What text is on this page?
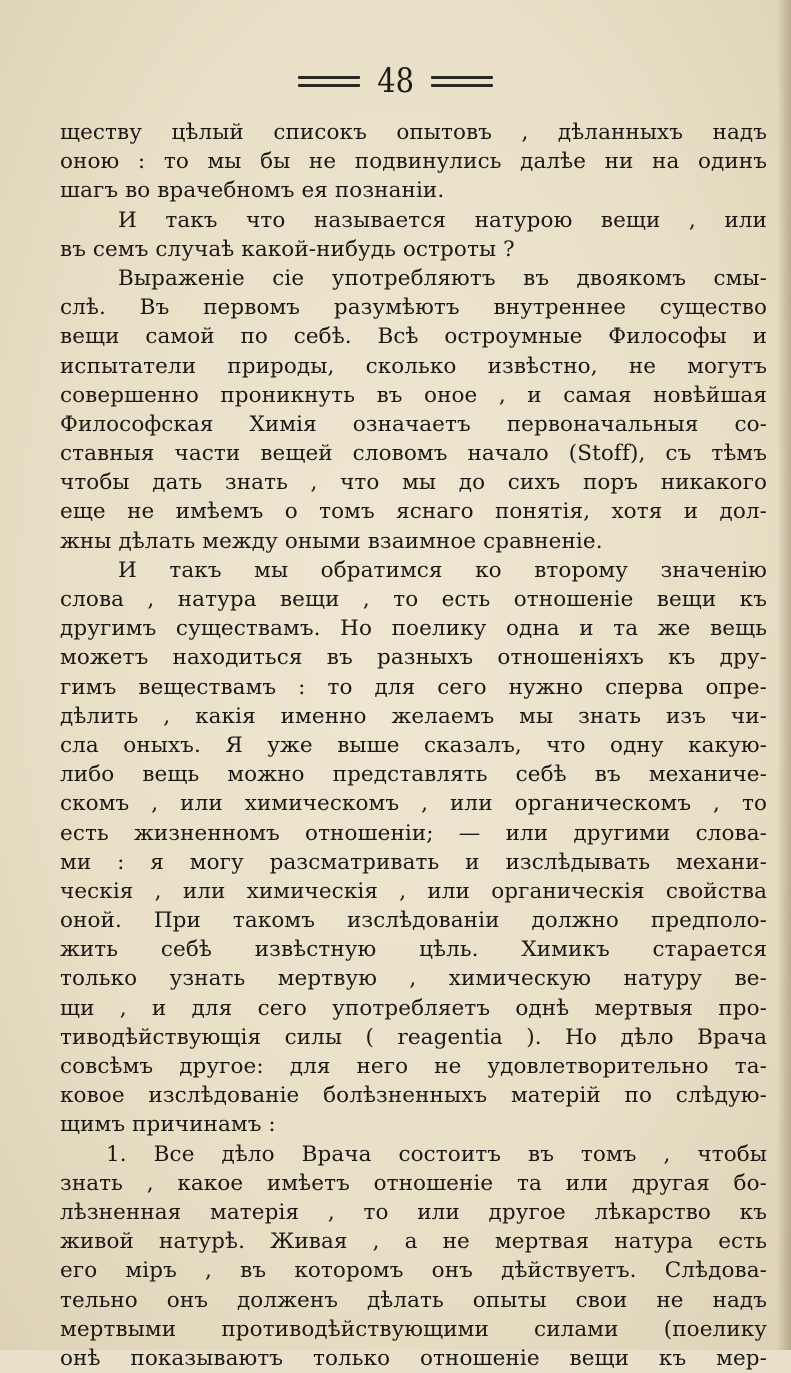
48
ществу цѣлый списокъ опытовъ , дѣланныхъ надъ
оною : то мы бы не подвинулись далѣе ни на одинъ
шагъ во врачебномъ ея познанiи.
И такъ что называется натурою вещи , или
въ семъ случаѣ какой-нибудь остроты ?
Выраженiе сiе употребляютъ въ двоякомъ смы-
слѣ. Въ первомъ разумѣютъ внутреннее существо
вещи самой по себѣ. Всѣ остроумные Философы и
испытатели природы, сколько извѣстно, не могутъ
совершенно проникнуть въ оное , и самая новѣйшая
Философская Химiя означаетъ первоначальныя со-
ставныя части вещей словомъ начало (Stoff), съ тѣмъ
чтобы дать знать , что мы до сихъ поръ никакого
еще не имѣемъ о томъ яснаго понятiя, хотя и дол-
жны дѣлать между оными взаимное сравненiе.
И такъ мы обратимся ко второму значенiю
слова , натура вещи , то есть отношенiе вещи къ
другимъ существамъ. Но поелику одна и та же вещь
можетъ находиться въ разныхъ отношенiяхъ къ дру-
гимъ веществамъ : то для сего нужно сперва опре-
дѣлить , какiя именно желаемъ мы знать изъ чи-
сла оныхъ. Я уже выше сказалъ, что одну какую-
либо вещь можно представлять себѣ въ механиче-
скомъ , или химическомъ , или органическомъ , то
есть жизненномъ отношенiи; — или другими слова-
ми : я могу разсматривать и изслѣдывать механи-
ческiя , или химическiя , или органическiя свойства
оной. При такомъ изслѣдованiи должно предполо-
жить себѣ извѣстную цѣль. Химикъ старается
только узнать мертвую , химическую натуру ве-
щи , и для сего употребляетъ однѣ мертвыя про-
тиводѣйствующiя силы ( reagentia ). Но дѣло Врача
совсѣмъ другое: для него не удовлетворительно та-
ковое изслѣдованiе болѣзненныхъ матерiй по слѣдую-
щимъ причинамъ :
1. Все дѣло Врача состоитъ въ томъ , чтобы
знать , какое имѣетъ отношенiе та или другая бо-
лѣзненная матерiя , то или другое лѣкарство къ
живой натурѣ. Живая , а не мертвая натура есть
его мiръ , въ которомъ онъ дѣйствуетъ. Слѣдова-
тельно онъ долженъ дѣлать опыты свои не надъ
мертвыми противодѣйствующими силами (поелику
онѣ показываютъ только отношенiе вещи къ мер-
